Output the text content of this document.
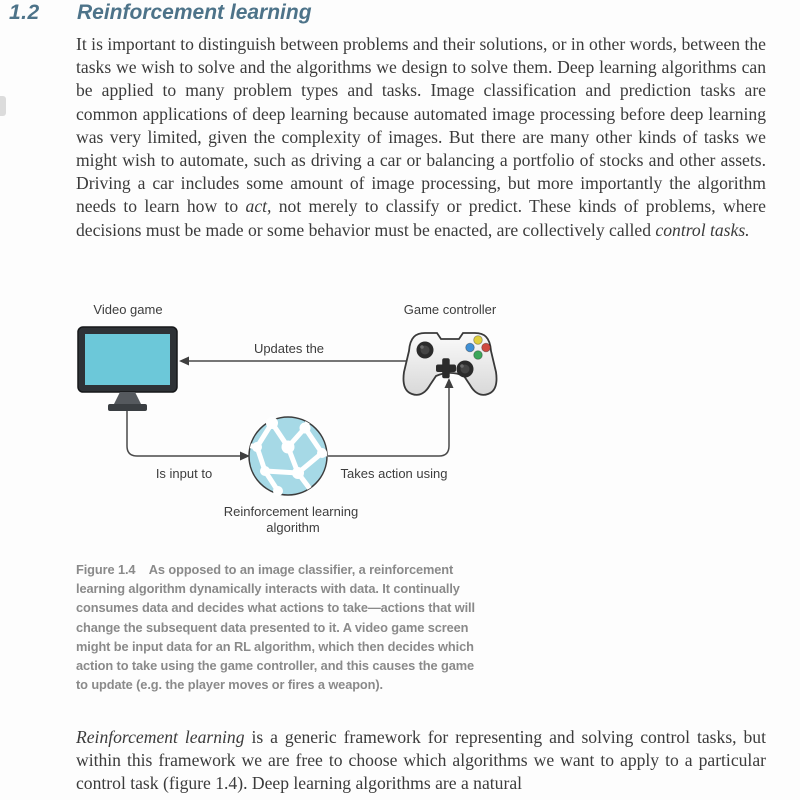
1.2 Reinforcement learning

It is important to distinguish between problems and their solutions, or in other words, between the tasks we wish to solve and the algorithms we design to solve them. Deep learning algorithms can be applied to many problem types and tasks. Image classification and prediction tasks are common applications of deep learning because automated image processing before deep learning was very limited, given the complexity of images. But there are many other kinds of tasks we might wish to automate, such as driving a car or balancing a portfolio of stocks and other assets. Driving a car includes some amount of image processing, but more importantly the algorithm needs to learn how to act, not merely to classify or predict. These kinds of problems, where decisions must be made or some behavior must be enacted, are collectively called control tasks.

Video game	Game controller
Updates the
Is input to	Takes action using
Reinforcement learning
algorithm
Figure 1.4    As opposed to an image classifier, a reinforcement
learning algorithm dynamically interacts with data. It continually
consumes data and decides what actions to take—actions that will
change the subsequent data presented to it. A video game screen
might be input data for an RL algorithm, which then decides which
action to take using the game controller, and this causes the game
to update (e.g. the player moves or fires a weapon).

Reinforcement learning is a generic framework for representing and solving control tasks, but within this framework we are free to choose which algorithms we want to apply to a particular control task (figure 1.4). Deep learning algorithms are a natural
